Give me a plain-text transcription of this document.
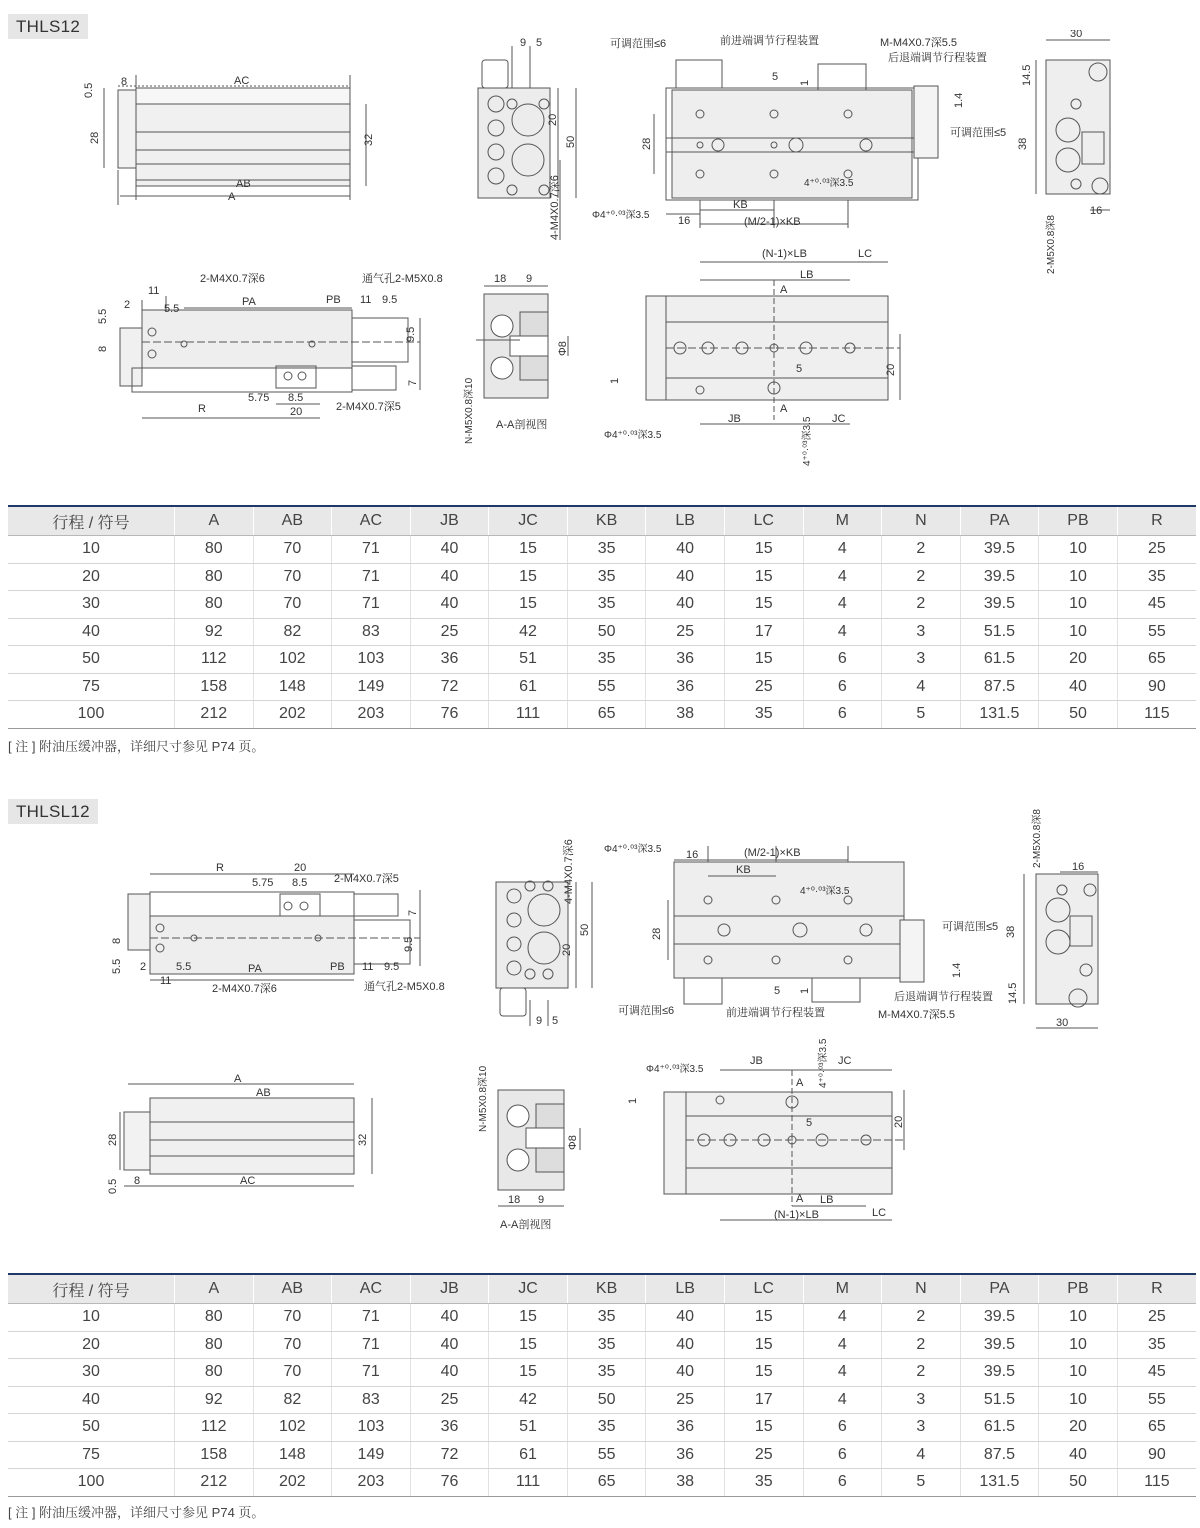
THLS12
0.5
8	AC
28	32
AB
A
9 5
20
50
4-M4X0.7深6
可调范围≤6	前进端调节行程装置	M-M4X0.7深5.5
后退端调节行程装置
5 1
1.4
可调范围≤5
28
4⁺⁰·⁰³深3.5
Φ4⁺⁰·⁰³深3.5	16
KB
(M/2-1)×KB
30
14.5
38
16
2-M5X0.8深8
2-M4X0.7深6	通气孔2-M5X0.8
11
2	5.5
PA	PB 11 9.5
5.5
8
9.5
7
5.75 8.5
20
R	2-M4X0.7深5
18 9
Φ8
N-M5X0.8深10 A-A剖视图
(N-1)×LB	LC
LB
A
A
1
5	20
JB	JC
Φ4⁺⁰·⁰³深3.5	4⁺⁰·⁰³深3.5
行程 / 符号	A	AB	AC	JB	JC	KB	LB	LC	M	N	PA	PB	R
10	80	70	71	40	15	35	40	15	4	2	39.5	10	25
20	80	70	71	40	15	35	40	15	4	2	39.5	10	35
30	80	70	71	40	15	35	40	15	4	2	39.5	10	45
40	92	82	83	25	42	50	25	17	4	3	51.5	10	55
50	112	102	103	36	51	35	36	15	6	3	61.5	20	65
75	158	148	149	72	61	55	36	25	6	4	87.5	40	90
100	212	202	203	76	111	65	38	35	6	5	131.5	50	115
[ 注 ] 附油压缓冲器，详细尺寸参见 P74 页。
THLSL12
R	20
5.75 8.5 2-M4X0.7深5
8
5.5 2	5.5
11
PA	PB 11 9.5
9.5
7
2-M4X0.7深6	通气孔2-M5X0.8
4-M4X0.7深6
20
50
9 5
Φ4⁺⁰·⁰³深3.5 16	(M/2-1)×KB
KB
4⁺⁰·⁰³深3.5
28
可调范围≤5
1.4
5 1
可调范围≤6	前进端调节行程装置
后退端调节行程装置
M-M4X0.7深5.5
2-M5X0.8深8	16
38
14.5
30
A
AB
28	32
0.5 8	AC
N-M5X0.8深10
Φ8
18 9
A-A剖视图
Φ4⁺⁰·⁰³深3.5
JB	JC
4⁺⁰·⁰³深3.5
A
1
5	20
A LB
(N-1)×LB	LC
行程 / 符号	A	AB	AC	JB	JC	KB	LB	LC	M	N	PA	PB	R
10	80	70	71	40	15	35	40	15	4	2	39.5	10	25
20	80	70	71	40	15	35	40	15	4	2	39.5	10	35
30	80	70	71	40	15	35	40	15	4	2	39.5	10	45
40	92	82	83	25	42	50	25	17	4	3	51.5	10	55
50	112	102	103	36	51	35	36	15	6	3	61.5	20	65
75	158	148	149	72	61	55	36	25	6	4	87.5	40	90
100	212	202	203	76	111	65	38	35	6	5	131.5	50	115
[ 注 ] 附油压缓冲器，详细尺寸参见 P74 页。
